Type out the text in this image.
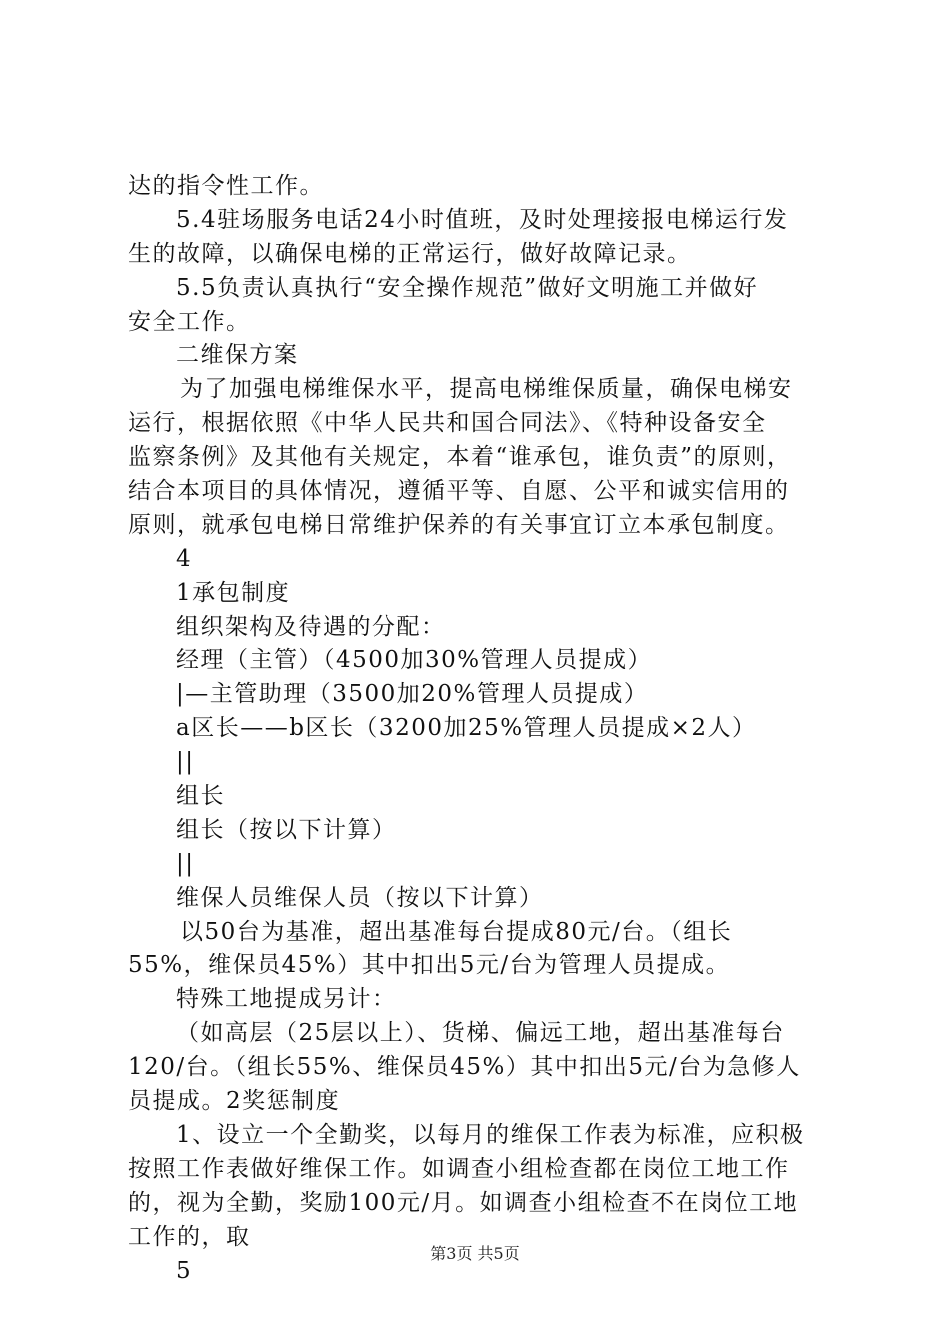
达的指令性工作。
5.4驻场服务电话24小时值班，及时处理接报电梯运行发
生的故障，以确保电梯的正常运行，做好故障记录。
5.5负责认真执行“安全操作规范”做好文明施工并做好
安全工作。
二维保方案
为了加强电梯维保水平，提高电梯维保质量，确保电梯安
运行，根据依照《中华人民共和国合同法》、《特种设备安全
监察条例》及其他有关规定，本着“谁承包，谁负责”的原则，
结合本项目的具体情况，遵循平等、自愿、公平和诚实信用的
原则，就承包电梯日常维护保养的有关事宜订立本承包制度。
4
1承包制度
组织架构及待遇的分配：
经理（主管）（4500加30%管理人员提成）
|—主管助理（3500加20%管理人员提成）
a区长——b区长（3200加25%管理人员提成×2人）
||
组长
组长（按以下计算）
||
维保人员维保人员（按以下计算）
以50台为基准，超出基准每台提成80元/台。（组长
55%，维保员45%）其中扣出5元/台为管理人员提成。
特殊工地提成另计：
（如高层（25层以上）、货梯、偏远工地，超出基准每台
120/台。（组长55%、维保员45%）其中扣出5元/台为急修人
员提成。2奖惩制度
1、设立一个全勤奖，以每月的维保工作表为标准，应积极
按照工作表做好维保工作。如调查小组检查都在岗位工地工作
的，视为全勤，奖励100元/月。如调查小组检查不在岗位工地
工作的，取
5
第3页 共5页
